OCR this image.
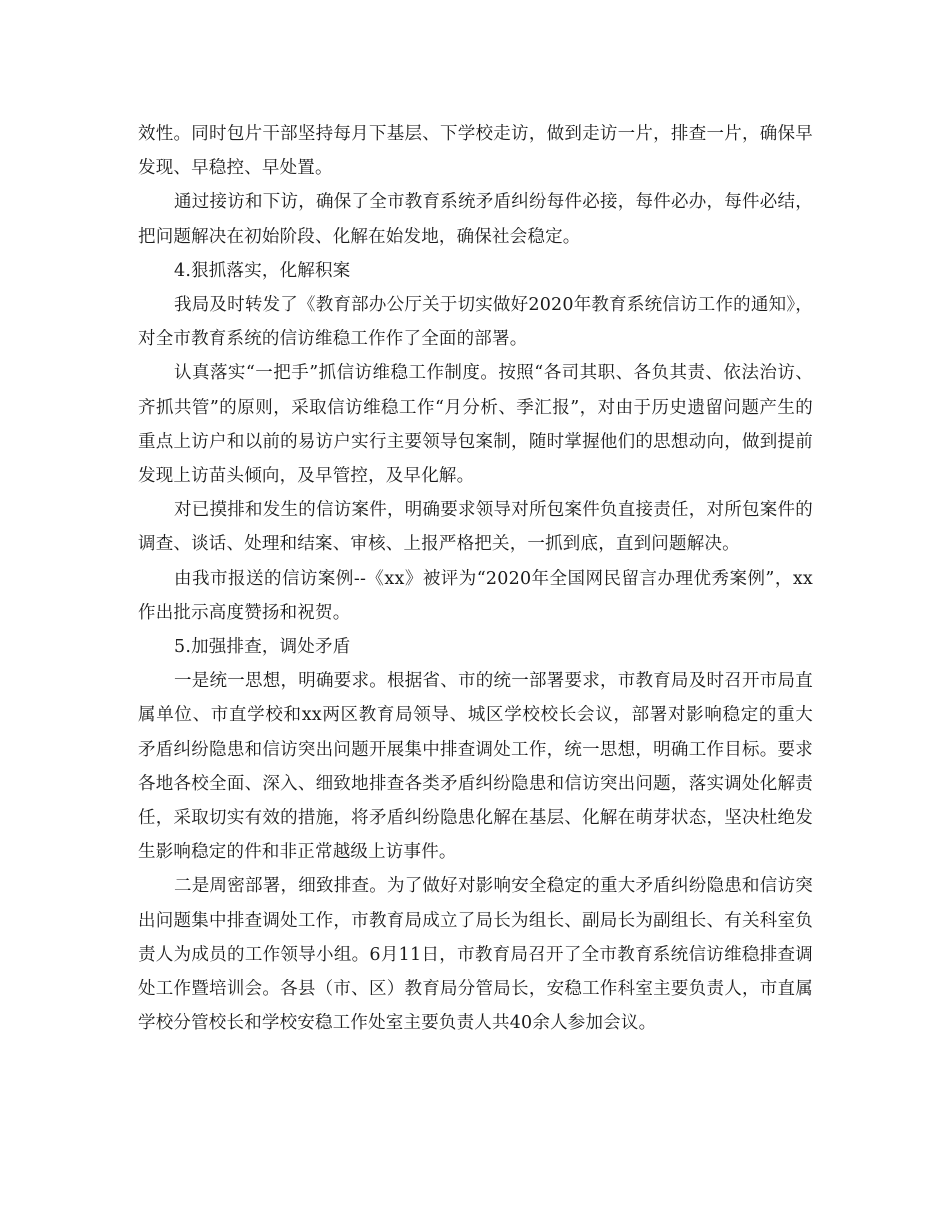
效性。同时包片干部坚持每月下基层、下学校走访，做到走访一片，排查一片，确保早发现、早稳控、早处置。

通过接访和下访，确保了全市教育系统矛盾纠纷每件必接，每件必办，每件必结，把问题解决在初始阶段、化解在始发地，确保社会稳定。

4.狠抓落实，化解积案

我局及时转发了《教育部办公厅关于切实做好2020年教育系统信访工作的通知》，对全市教育系统的信访维稳工作作了全面的部署。

认真落实“一把手”抓信访维稳工作制度。按照“各司其职、各负其责、依法治访、齐抓共管”的原则，采取信访维稳工作“月分析、季汇报”，对由于历史遗留问题产生的重点上访户和以前的易访户实行主要领导包案制，随时掌握他们的思想动向，做到提前发现上访苗头倾向，及早管控，及早化解。

对已摸排和发生的信访案件，明确要求领导对所包案件负直接责任，对所包案件的调查、谈话、处理和结案、审核、上报严格把关，一抓到底，直到问题解决。

由我市报送的信访案例--《xx》被评为“2020年全国网民留言办理优秀案例”，xx作出批示高度赞扬和祝贺。

5.加强排查，调处矛盾

一是统一思想，明确要求。根据省、市的统一部署要求，市教育局及时召开市局直属单位、市直学校和xx两区教育局领导、城区学校校长会议，部署对影响稳定的重大矛盾纠纷隐患和信访突出问题开展集中排查调处工作，统一思想，明确工作目标。要求各地各校全面、深入、细致地排查各类矛盾纠纷隐患和信访突出问题，落实调处化解责任，采取切实有效的措施，将矛盾纠纷隐患化解在基层、化解在萌芽状态，坚决杜绝发生影响稳定的件和非正常越级上访事件。

二是周密部署，细致排查。为了做好对影响安全稳定的重大矛盾纠纷隐患和信访突出问题集中排查调处工作，市教育局成立了局长为组长、副局长为副组长、有关科室负责人为成员的工作领导小组。6月11日，市教育局召开了全市教育系统信访维稳排查调处工作暨培训会。各县（市、区）教育局分管局长，安稳工作科室主要负责人，市直属学校分管校长和学校安稳工作处室主要负责人共40余人参加会议。
